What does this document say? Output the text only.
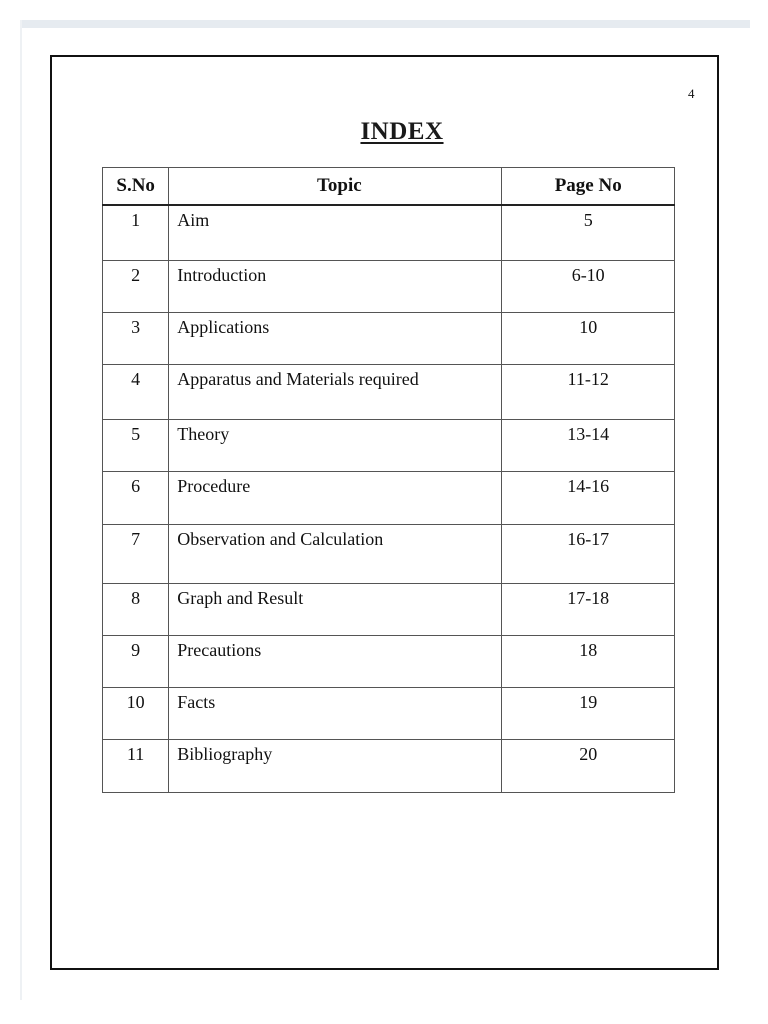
4
INDEX
S.No	Topic	Page No
1	Aim	5
2	Introduction	6-10
3	Applications	10
4	Apparatus and Materials required	11-12
5	Theory	13-14
6	Procedure	14-16
7	Observation and Calculation	16-17
8	Graph and Result	17-18
9	Precautions	18
10	Facts	19
11	Bibliography	20
